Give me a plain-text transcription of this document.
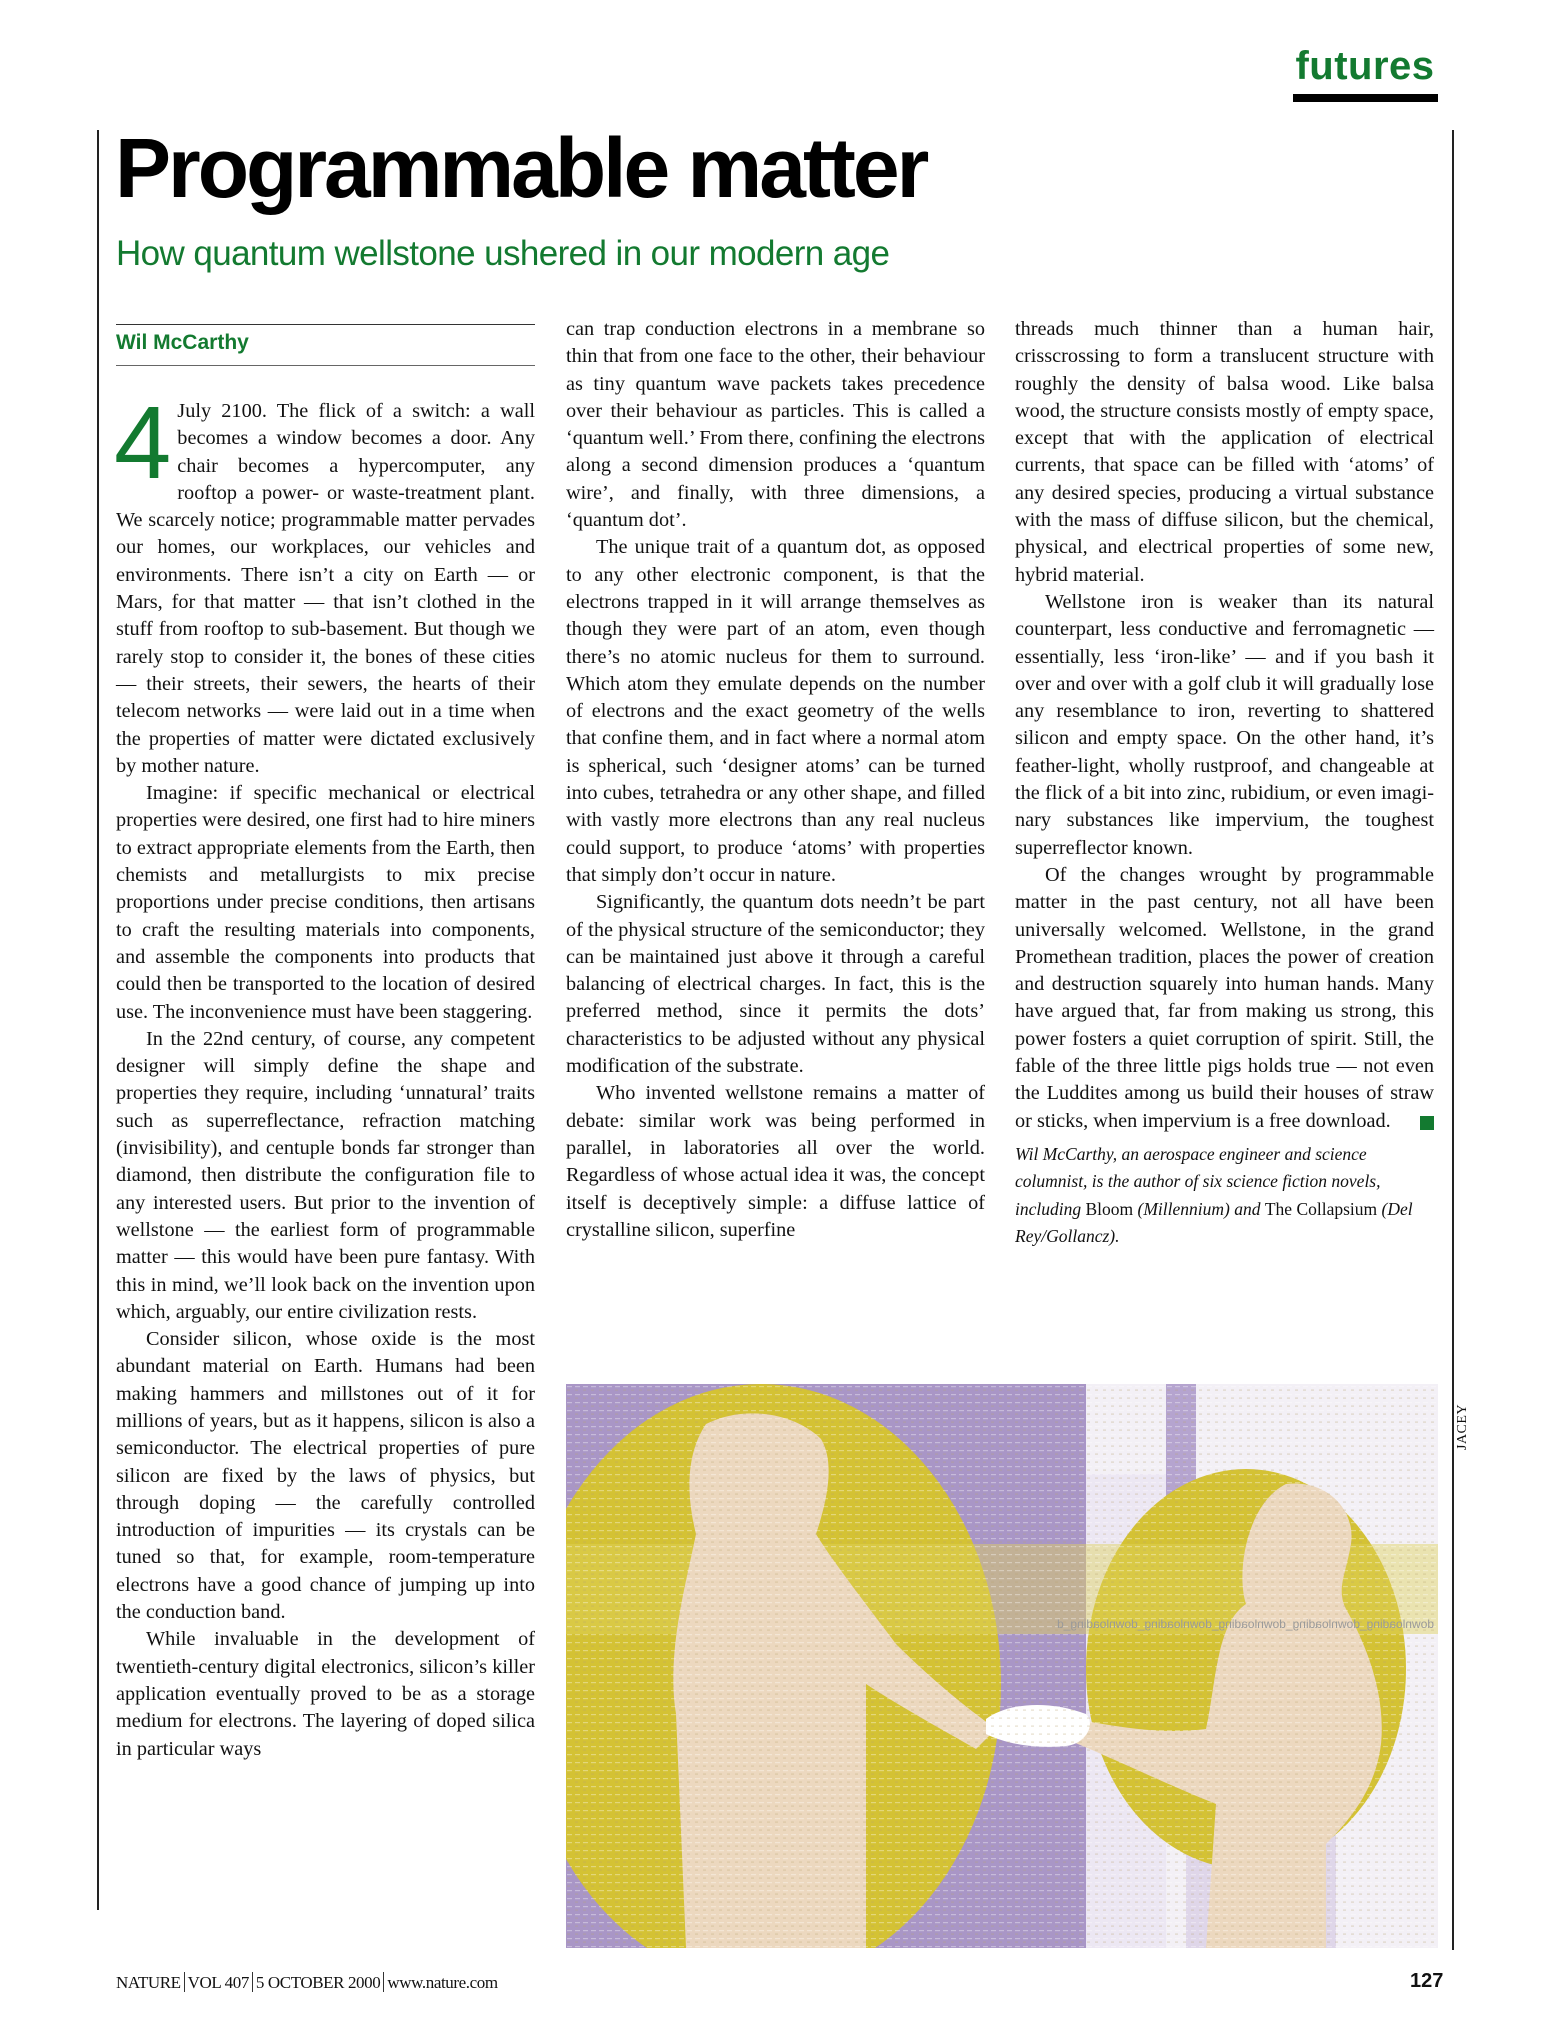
futures
Programmable matter
How quantum wellstone ushered in our modern age
Wil McCarthy

4 July 2100. The flick of a switch: a wall becomes a window becomes a door. Any chair becomes a hypercomputer, any rooftop a power- or waste-treatment plant. We scarcely notice; programmable matter pervades our homes, our workplaces, our vehicles and environments. There isn’t a city on Earth — or Mars, for that matter — that isn’t clothed in the stuff from rooftop to sub-basement. But though we rarely stop to consider it, the bones of these cities — their streets, their sewers, the hearts of their telecom networks — were laid out in a time when the properties of matter were dictated exclusively by mother nature.

Imagine: if specific mechanical or electrical properties were desired, one first had to hire miners to extract appropriate elements from the Earth, then chemists and metallurgists to mix precise proportions under precise conditions, then artisans to craft the resulting materials into components, and assemble the components into products that could then be transported to the location of desired use. The inconvenience must have been staggering.

In the 22nd century, of course, any competent designer will simply define the shape and properties they require, including ‘unnatural’ traits such as superreflectance, refraction matching (invisibility), and centuple bonds far stronger than diamond, then distribute the configuration file to any interested users. But prior to the invention of wellstone — the earliest form of programmable matter — this would have been pure fantasy. With this in mind, we’ll look back on the invention upon which, arguably, our entire civilization rests.

Consider silicon, whose oxide is the most abundant material on Earth. Humans had been making hammers and millstones out of it for millions of years, but as it happens, silicon is also a semiconductor. The electrical properties of pure silicon are fixed by the laws of physics, but through doping — the carefully controlled introduction of impurities — its crystals can be tuned so that, for example, room-temperature electrons have a good chance of jumping up into the conduction band.

While invaluable in the development of twentieth-century digital electronics, silicon’s killer application eventually proved to be as a storage medium for electrons. The layering of doped silica in particular ways

can trap conduction electrons in a membrane so thin that from one face to the other, their behaviour as tiny quantum wave packets takes precedence over their behaviour as particles. This is called a ‘quantum well.’ From there, confining the electrons along a second dimension produces a ‘quantum wire’, and finally, with three dimensions, a ‘quantum dot’.

The unique trait of a quantum dot, as opposed to any other electronic component, is that the electrons trapped in it will arrange themselves as though they were part of an atom, even though there’s no atomic nucleus for them to surround. Which atom they emulate depends on the number of electrons and the exact geometry of the wells that confine them, and in fact where a normal atom is spherical, such ‘designer atoms’ can be turned into cubes, tetrahedra or any other shape, and filled with vastly more electrons than any real nucleus could support, to produce ‘atoms’ with properties that simply don’t occur in nature.

Significantly, the quantum dots needn’t be part of the physical structure of the semiconductor; they can be maintained just above it through a careful balancing of electrical charges. In fact, this is the preferred method, since it permits the dots’ characteristics to be adjusted without any physical modification of the substrate.

Who invented wellstone remains a matter of debate: similar work was being performed in parallel, in laboratories all over the world. Regardless of whose actual idea it was, the concept itself is deceptively simple: a diffuse lattice of crystalline silicon, superfine

threads much thinner than a human hair, crisscrossing to form a translucent structure with roughly the density of balsa wood. Like balsa wood, the structure consists mostly of empty space, except that with the application of electrical currents, that space can be filled with ‘atoms’ of any desired species, producing a virtual substance with the mass of diffuse silicon, but the chemical, physical, and electrical properties of some new, hybrid material.

Wellstone iron is weaker than its natural counterpart, less conductive and ferromagnetic — essentially, less ‘iron-like’ — and if you bash it over and over with a golf club it will gradually lose any resemblance to iron, reverting to shattered silicon and empty space. On the other hand, it’s feather-light, wholly rustproof, and changeable at the flick of a bit into zinc, rubidium, or even imaginary substances like impervium, the toughest superreflector known.

Of the changes wrought by programmable matter in the past century, not all have been universally welcomed. Wellstone, in the grand Promethean tradition, places the power of creation and destruction squarely into human hands. Many have argued that, far from making us strong, this power fosters a quiet corruption of spirit. Still, the fable of the three little pigs holds true — not even the Luddites among us build their houses of straw or sticks, when impervium is a free download.

Wil McCarthy, an aerospace engineer and science columnist, is the author of six science fiction novels, including Bloom (Millennium) and The Collapsium (Del Rey/Gollancz).
downloading_downloading_downloading_downloading_downloading_d
JACEY
NATURE VOL 407 5 OCTOBER 2000 www.nature.com	127
